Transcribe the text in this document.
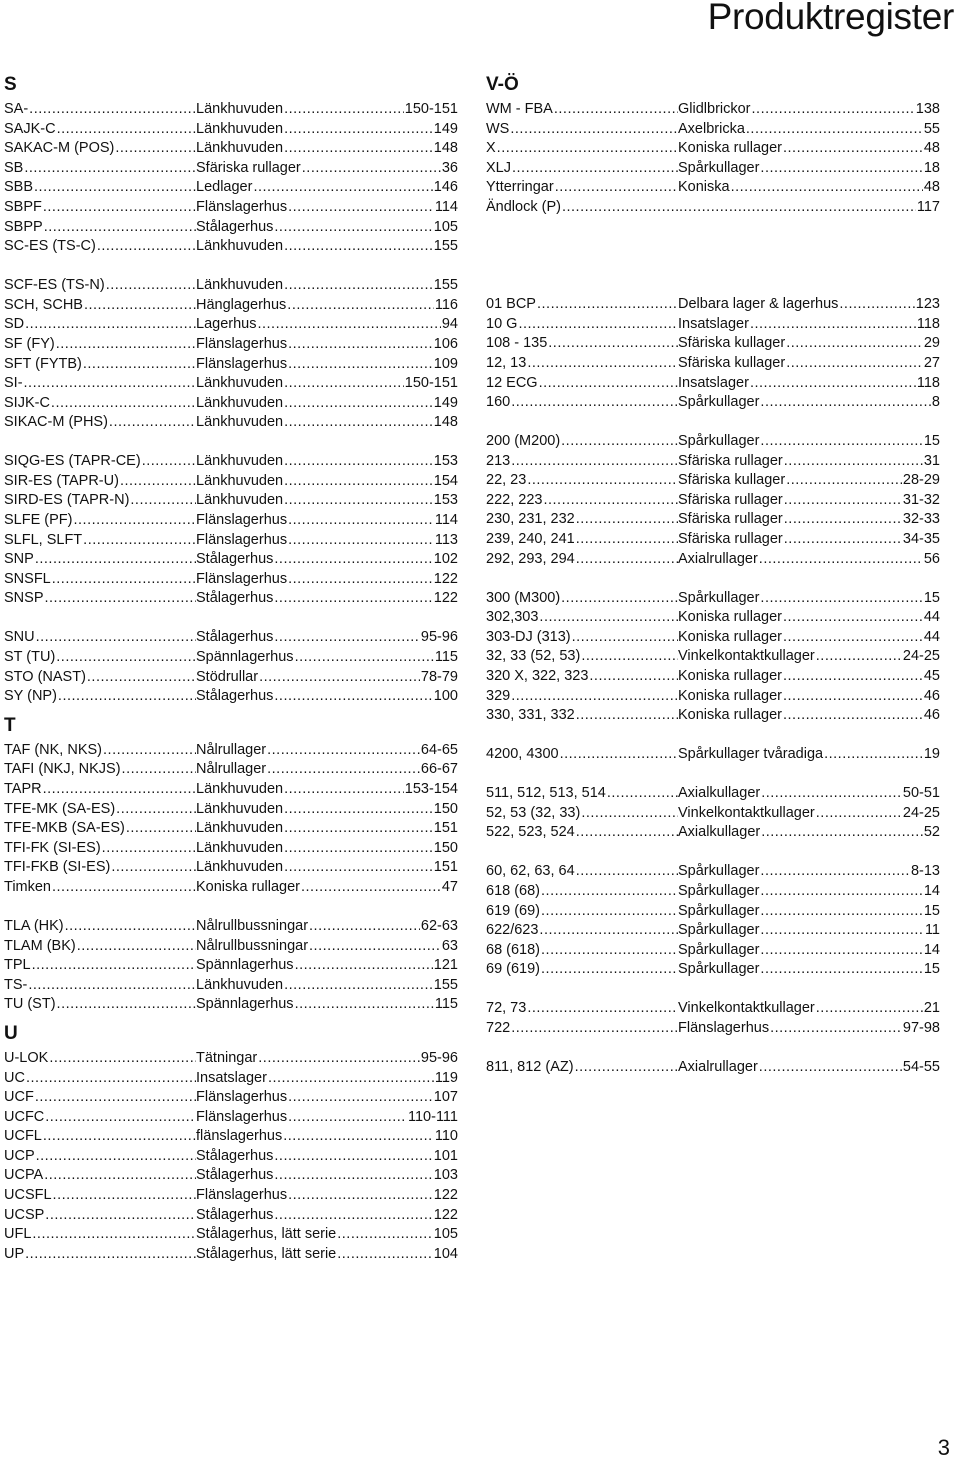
Produktregister
S
SA- .....	Länkhuvuden .....	150-151
SAJK-C .....	Länkhuvuden .....	149
SAKAC-M (POS) .....	Länkhuvuden .....	148
SB .....	Sfäriska rullager .....	36
SBB .....	Ledlager .....	146
SBPF .....	Flänslagerhus .....	114
SBPP .....	Stålagerhus .....	105
SC-ES (TS-C) .....	Länkhuvuden .....	155
SCF-ES (TS-N) .....	Länkhuvuden .....	155
SCH, SCHB .....	Hänglagerhus .....	116
SD .....	Lagerhus .....	94
SF (FY) .....	Flänslagerhus .....	106
SFT (FYTB) .....	Flänslagerhus .....	109
SI- .....	Länkhuvuden .....	150-151
SIJK-C .....	Länkhuvuden .....	149
SIKAC-M (PHS) .....	Länkhuvuden .....	148
SIQG-ES (TAPR-CE) .....	Länkhuvuden .....	153
SIR-ES (TAPR-U) .....	Länkhuvuden .....	154
SIRD-ES (TAPR-N) .....	Länkhuvuden .....	153
SLFE (PF) .....	Flänslagerhus .....	114
SLFL, SLFT .....	Flänslagerhus .....	113
SNP .....	Stålagerhus .....	102
SNSFL .....	Flänslagerhus .....	122
SNSP .....	Stålagerhus .....	122
SNU .....	Stålagerhus .....	95-96
ST (TU) .....	Spännlagerhus .....	115
STO (NAST) .....	Stödrullar .....	78-79
SY (NP) .....	Stålagerhus .....	100
T
TAF (NK, NKS) .....	Nålrullager .....	64-65
TAFI (NKJ, NKJS) .....	Nålrullager .....	66-67
TAPR .....	Länkhuvuden .....	153-154
TFE-MK (SA-ES) .....	Länkhuvuden .....	150
TFE-MKB (SA-ES) .....	Länkhuvuden .....	151
TFI-FK (SI-ES) .....	Länkhuvuden .....	150
TFI-FKB (SI-ES) .....	Länkhuvuden .....	151
Timken .....	Koniska rullager .....	47
TLA (HK) .....	Nålrullbussningar .....	62-63
TLAM (BK) .....	Nålrullbussningar .....	63
TPL .....	Spännlagerhus .....	121
TS- .....	Länkhuvuden .....	155
TU (ST) .....	Spännlagerhus .....	115
U
U-LOK .....	Tätningar .....	95-96
UC .....	Insatslager .....	119
UCF .....	Flänslagerhus .....	107
UCFC .....	Flänslagerhus .....	110-111
UCFL .....	flänslagerhus .....	110
UCP .....	Stålagerhus .....	101
UCPA .....	Stålagerhus .....	103
UCSFL .....	Flänslagerhus .....	122
UCSP .....	Stålagerhus .....	122
UFL .....	Stålagerhus, lätt serie .....	105
UP .....	Stålagerhus, lätt serie .....	104
V-Ö
WM - FBA .....	Glidlbrickor .....	138
WS .....	Axelbricka .....	55
X .....	Koniska rullager .....	48
XLJ .....	Spårkullager .....	18
Ytterringar .....	Koniska .....	48
Ändlock (P) ..... .....	117
01 BCP .....	Delbara lager & lagerhus .....	123
10 G .....	Insatslager .....	118
108 - 135 .....	Sfäriska kullager .....	29
12, 13 .....	Sfäriska kullager .....	27
12 ECG .....	Insatslager .....	118
160 .....	Spårkullager .....	8
200 (M200) .....	Spårkullager .....	15
213 .....	Sfäriska rullager .....	31
22, 23 .....	Sfäriska kullager .....	28-29
222, 223 .....	Sfäriska rullager .....	31-32
230, 231, 232 .....	Sfäriska rullager .....	32-33
239, 240, 241 .....	Sfäriska rullager .....	34-35
292, 293, 294 .....	Axialrullager .....	56
300 (M300) .....	Spårkullager .....	15
302,303 .....	Koniska rullager .....	44
303-DJ (313) .....	Koniska rullager .....	44
32, 33 (52, 53) .....	Vinkelkontaktkullager .....	24-25
320 X, 322, 323 .....	Koniska rullager .....	45
329 .....	Koniska rullager .....	46
330, 331, 332 .....	Koniska rullager .....	46
4200, 4300 .....	Spårkullager tvåradiga .....	19
511, 512, 513, 514 .....	Axialkullager .....	50-51
52, 53 (32, 33) .....	Vinkelkontaktkullager .....	24-25
522, 523, 524 .....	Axialkullager .....	52
60, 62, 63, 64 .....	Spårkullager .....	8-13
618 (68) .....	Spårkullager .....	14
619 (69) .....	Spårkullager .....	15
622/623 .....	Spårkullager .....	11
68 (618) .....	Spårkullager .....	14
69 (619) .....	Spårkullager .....	15
72, 73 .....	Vinkelkontaktkullager .....	21
722 .....	Flänslagerhus .....	97-98
811, 812 (AZ) .....	Axialrullager .....	54-55
3
